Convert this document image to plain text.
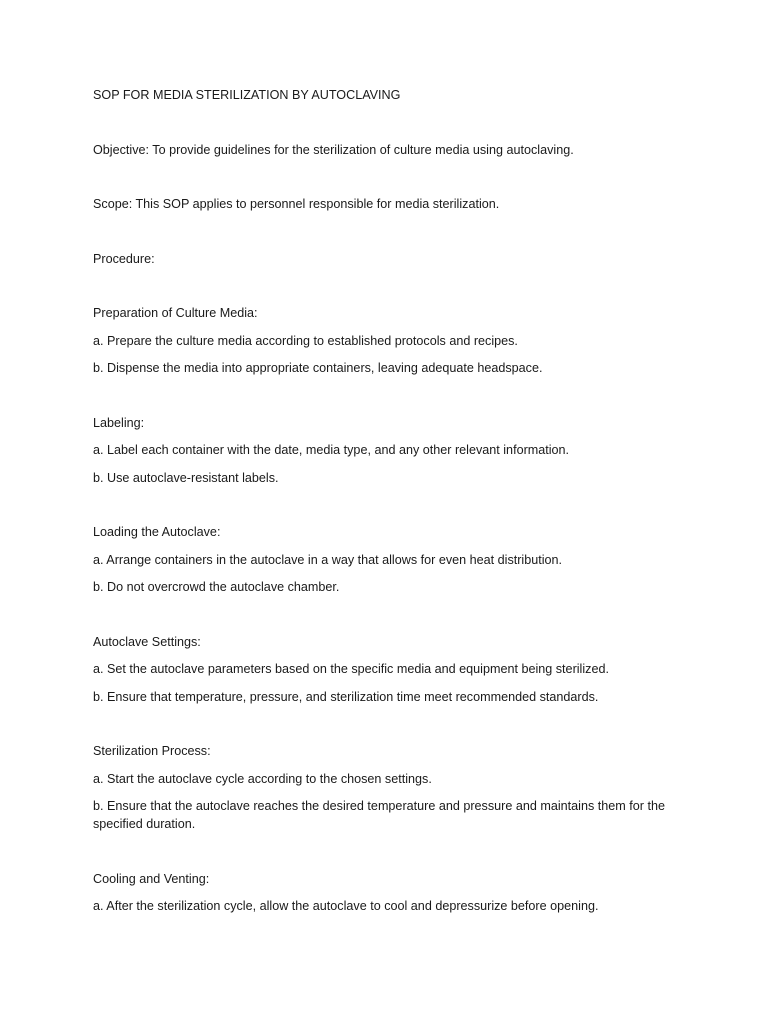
SOP FOR MEDIA STERILIZATION BY AUTOCLAVING
Objective: To provide guidelines for the sterilization of culture media using autoclaving.
Scope: This SOP applies to personnel responsible for media sterilization.
Procedure:
Preparation of Culture Media:
a. Prepare the culture media according to established protocols and recipes.
b. Dispense the media into appropriate containers, leaving adequate headspace.
Labeling:
a. Label each container with the date, media type, and any other relevant information.
b. Use autoclave-resistant labels.
Loading the Autoclave:
a. Arrange containers in the autoclave in a way that allows for even heat distribution.
b. Do not overcrowd the autoclave chamber.
Autoclave Settings:
a. Set the autoclave parameters based on the specific media and equipment being sterilized.
b. Ensure that temperature, pressure, and sterilization time meet recommended standards.
Sterilization Process:
a. Start the autoclave cycle according to the chosen settings.
b. Ensure that the autoclave reaches the desired temperature and pressure and maintains them for the specified duration.
Cooling and Venting:
a. After the sterilization cycle, allow the autoclave to cool and depressurize before opening.
